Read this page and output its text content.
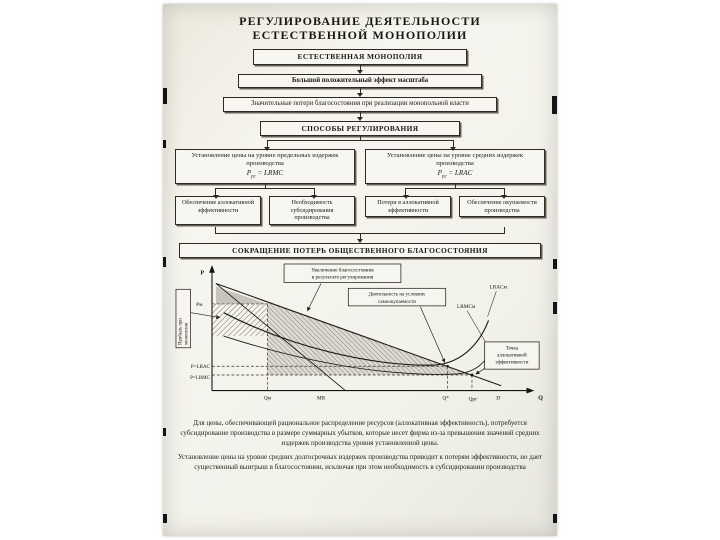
РЕГУЛИРОВАНИЕ ДЕЯТЕЛЬНОСТИ
ЕСТЕСТВЕННОЙ МОНОПОЛИИ
ЕСТЕСТВЕННАЯ МОНОПОЛИЯ
Большой положительный эффект масштаба
Значительные потери благосостояния при реализации монопольной власти
СПОСОБЫ РЕГУЛИРОВАНИЯ
Установление цены на уровне предельных издержек производства
$P_{рг}$ = LRMC
Обеспечение аллокативной эффективности
Необходимость субсидирования производства
Установление цены на уровне средних издержек производства
$P_{рг}$ = LRAC
Потери в аллокативной эффективности
Обеспечение окупаемости производства
СОКРАЩЕНИЕ ПОТЕРЬ ОБЩЕСТВЕННОГО БЛАГОСОСТОЯНИЯ
P
Q
Pм
P=LRAC
P=LRMC
Qм	MR	Q*	Qрг	D
LRACм
LRMCм
Прибыль при монополии
Увеличение благосостояния
в результате регулирования
Деятельность на условиях
самоокупаемости
Точка
аллокативной
эффективности

Для цены, обеспечивающей рациональное распределение ресурсов (аллокативная эффективность), потребуется субсидирование производства в размере суммарных убытков, которые несет фирма из-за превышения значений средних издержек производства уровня установленной цены.

Установление цены на уровне средних долгосрочных издержек производства приводит к потерям эффективности, но дает существенный выигрыш в благосостоянии, исключая при этом необходимость в субсидировании производства
